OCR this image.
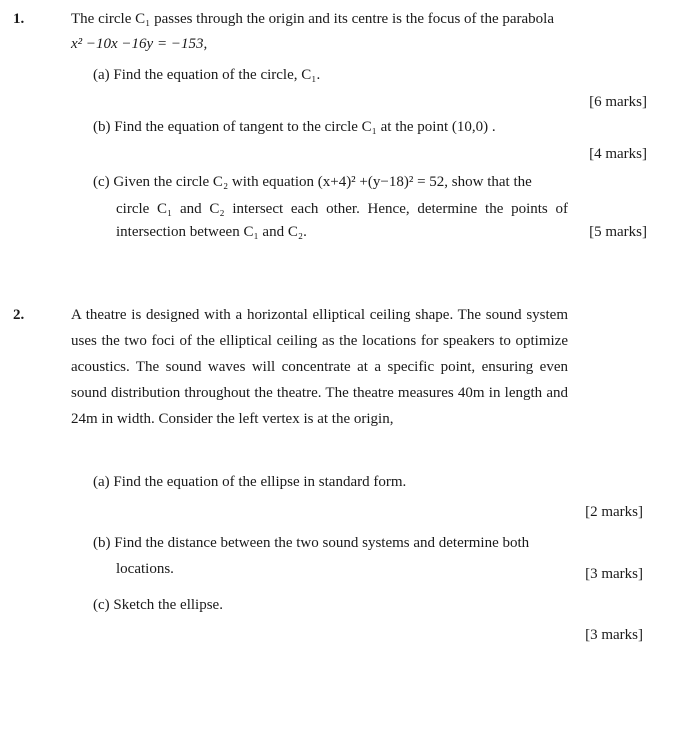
1.	The circle C₁ passes through the origin and its centre is the focus of the parabola
x² −10x −16y = −153,
(a) Find the equation of the circle, C₁.
[6 marks]
(b) Find the equation of tangent to the circle C₁ at the point (10,0) .
[4 marks]
(c) Given the circle C₂ with equation (x+4)² +(y−18)² = 52, show that the
circle C₁ and C₂ intersect each other. Hence, determine the points of
intersection between C₁ and C₂.	[5 marks]
2.	A theatre is designed with a horizontal elliptical ceiling shape. The sound system
uses the two foci of the elliptical ceiling as the locations for speakers to optimize
acoustics. The sound waves will concentrate at a specific point, ensuring even
sound distribution throughout the theatre. The theatre measures 40m in length and
24m in width. Consider the left vertex is at the origin,
(a) Find the equation of the ellipse in standard form.
[2 marks]
(b) Find the distance between the two sound systems and determine both
locations.	[3 marks]
(c) Sketch the ellipse.
[3 marks]
